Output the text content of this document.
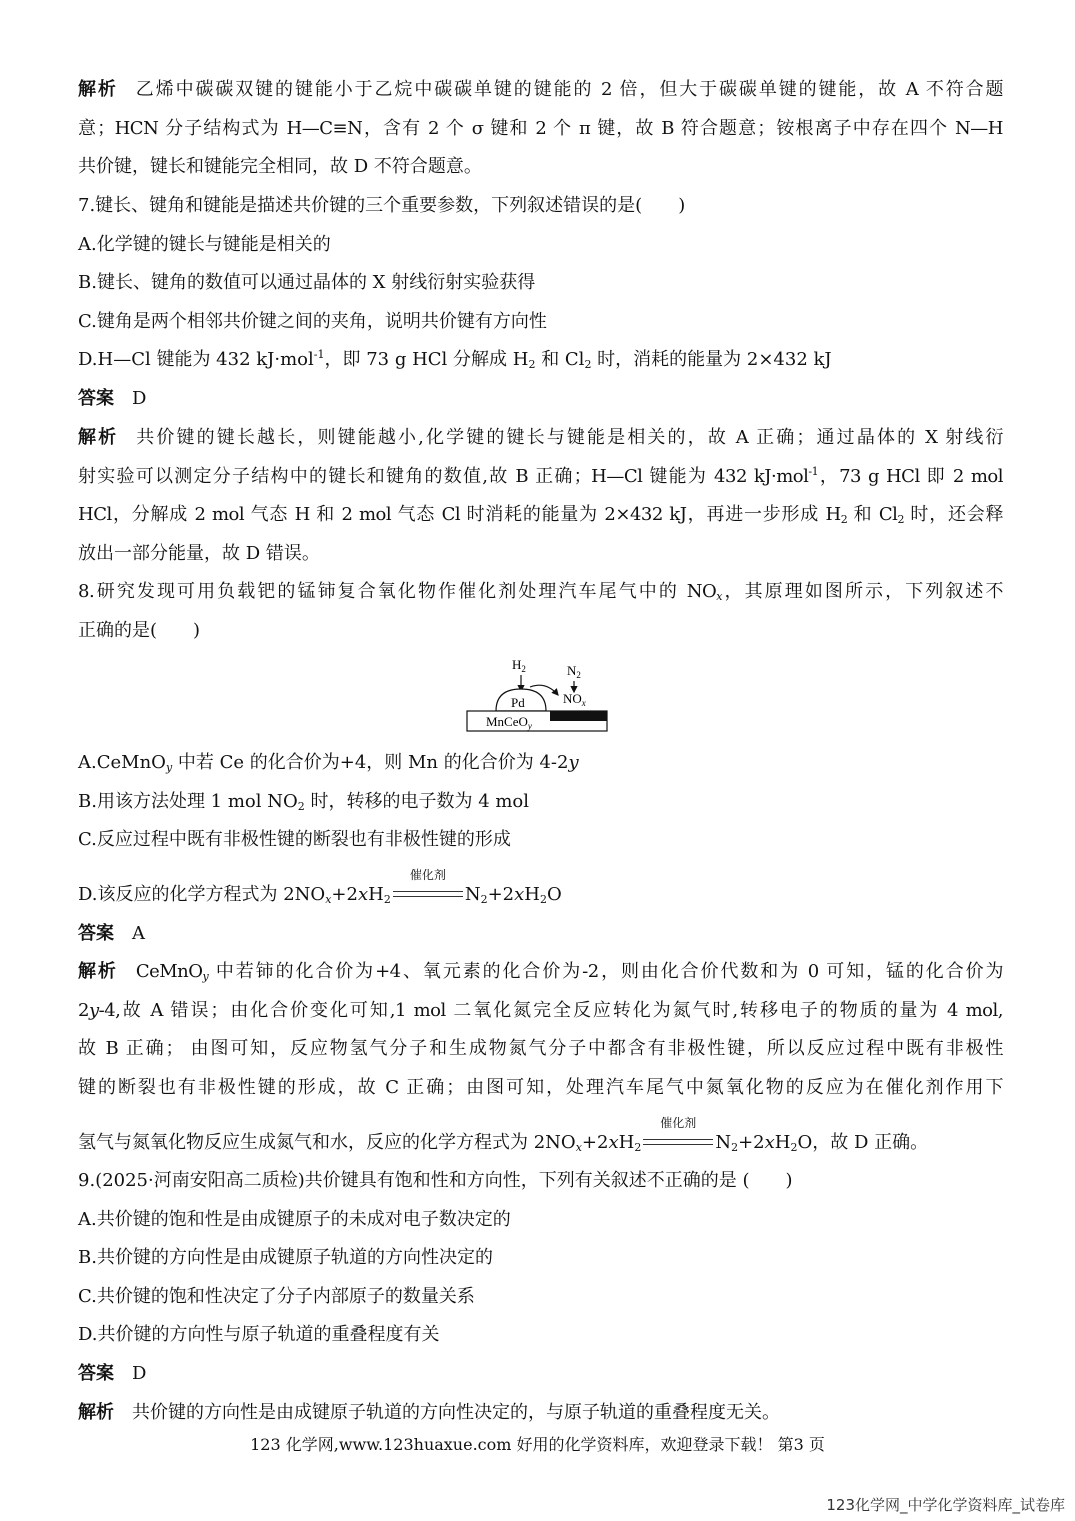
解析 乙烯中碳碳双键的键能小于乙烷中碳碳单键的键能的 2 倍，但大于碳碳单键的键能，故 A 不符合题
意；HCN 分子结构式为 H—C≡N，含有 2 个 σ 键和 2 个 π 键，故 B 符合题意；铵根离子中存在四个 N—H
共价键，键长和键能完全相同，故 D 不符合题意。
7.键长、键角和键能是描述共价键的三个重要参数，下列叙述错误的是(　　)
A.化学键的键长与键能是相关的
B.键长、键角的数值可以通过晶体的 X 射线衍射实验获得
C.键角是两个相邻共价键之间的夹角，说明共价键有方向性
D.H—Cl 键能为 432 kJ·mol$^{-1}$，即 73 g HCl 分解成 $H_2$ 和 $Cl_2$ 时，消耗的能量为 2×432 kJ
答案 D
解析 共价键的键长越长，则键能越小,化学键的键长与键能是相关的，故 A 正确；通过晶体的 X 射线衍
射实验可以测定分子结构中的键长和键角的数值,故 B 正确；H—Cl 键能为 432 kJ·mol$^{-1}$，73 g HCl 即 2 mol
HCl，分解成 2 mol 气态 H 和 2 mol 气态 Cl 时消耗的能量为 2×432 kJ，再进一步形成 $H_2$ 和 $Cl_2$ 时，还会释
放出一部分能量，故 D 错误。
8.研究发现可用负载钯的锰铈复合氧化物作催化剂处理汽车尾气中的 $NO_x$，其原理如图所示，下列叙述不
正确的是(　　)
$H_2$	$N_2$
$NO_x$
Pd
MnCeO$_y$
A.CeMnO$_y$ 中若 Ce 的化合价为+4，则 Mn 的化合价为 4-2y
B.用该方法处理 1 mol $NO_2$ 时，转移的电子数为 4 mol
C.反应过程中既有非极性键的断裂也有非极性键的形成
D.该反应的化学方程式为 $2NO_x+2xH_2$
催化剂
$N_2+2xH_2O$
答案 A
解析 CeMnO$_y$ 中若铈的化合价为+4、氧元素的化合价为-2，则由化合价代数和为 0 可知，锰的化合价为
2y-4,故 A 错误；由化合价变化可知,1 mol 二氧化氮完全反应转化为氮气时,转移电子的物质的量为 4 mol,
故 B 正确； 由图可知，反应物氢气分子和生成物氮气分子中都含有非极性键，所以反应过程中既有非极性
键的断裂也有非极性键的形成，故 C 正确；由图可知，处理汽车尾气中氮氧化物的反应为在催化剂作用下
氢气与氮氧化物反应生成氮气和水，反应的化学方程式为 $2NO_x+2xH_2$
催化剂
$N_2+2xH_2O$，故 D 正确。
9.(2025·河南安阳高二质检)共价键具有饱和性和方向性，下列有关叙述不正确的是 (　　)
A.共价键的饱和性是由成键原子的未成对电子数决定的
B.共价键的方向性是由成键原子轨道的方向性决定的
C.共价键的饱和性决定了分子内部原子的数量关系
D.共价键的方向性与原子轨道的重叠程度有关
答案 D
解析 共价键的方向性是由成键原子轨道的方向性决定的，与原子轨道的重叠程度无关。
123 化学网,www.123huaxue.com 好用的化学资料库，欢迎登录下载！ 第3 页
123化学网_中学化学资料库_试卷库
